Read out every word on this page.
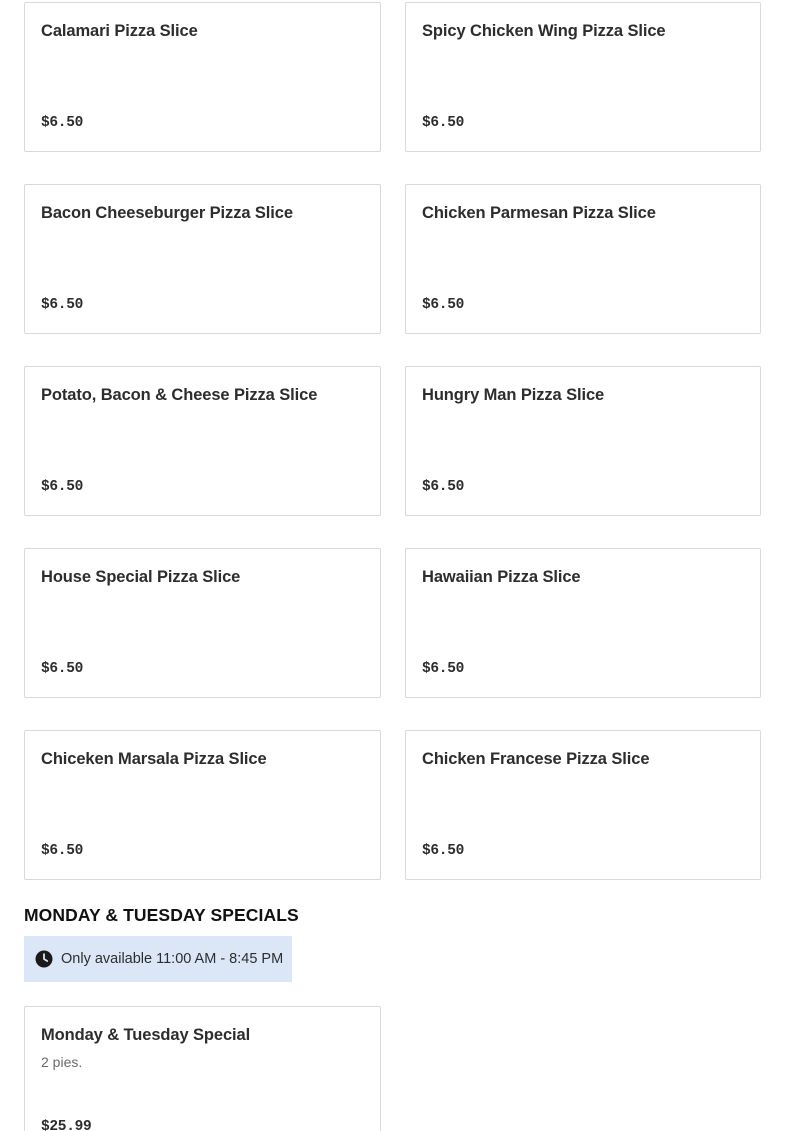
Calamari Pizza Slice
$6.50
Spicy Chicken Wing Pizza Slice
$6.50
Bacon Cheeseburger Pizza Slice
$6.50
Chicken Parmesan Pizza Slice
$6.50
Potato, Bacon & Cheese Pizza Slice
$6.50
Hungry Man Pizza Slice
$6.50
House Special Pizza Slice
$6.50
Hawaiian Pizza Slice
$6.50
Chiceken Marsala Pizza Slice
$6.50
Chicken Francese Pizza Slice
$6.50
MONDAY & TUESDAY SPECIALS
Only available 11:00 AM - 8:45 PM
Monday & Tuesday Special
2 pies.
$25.99
